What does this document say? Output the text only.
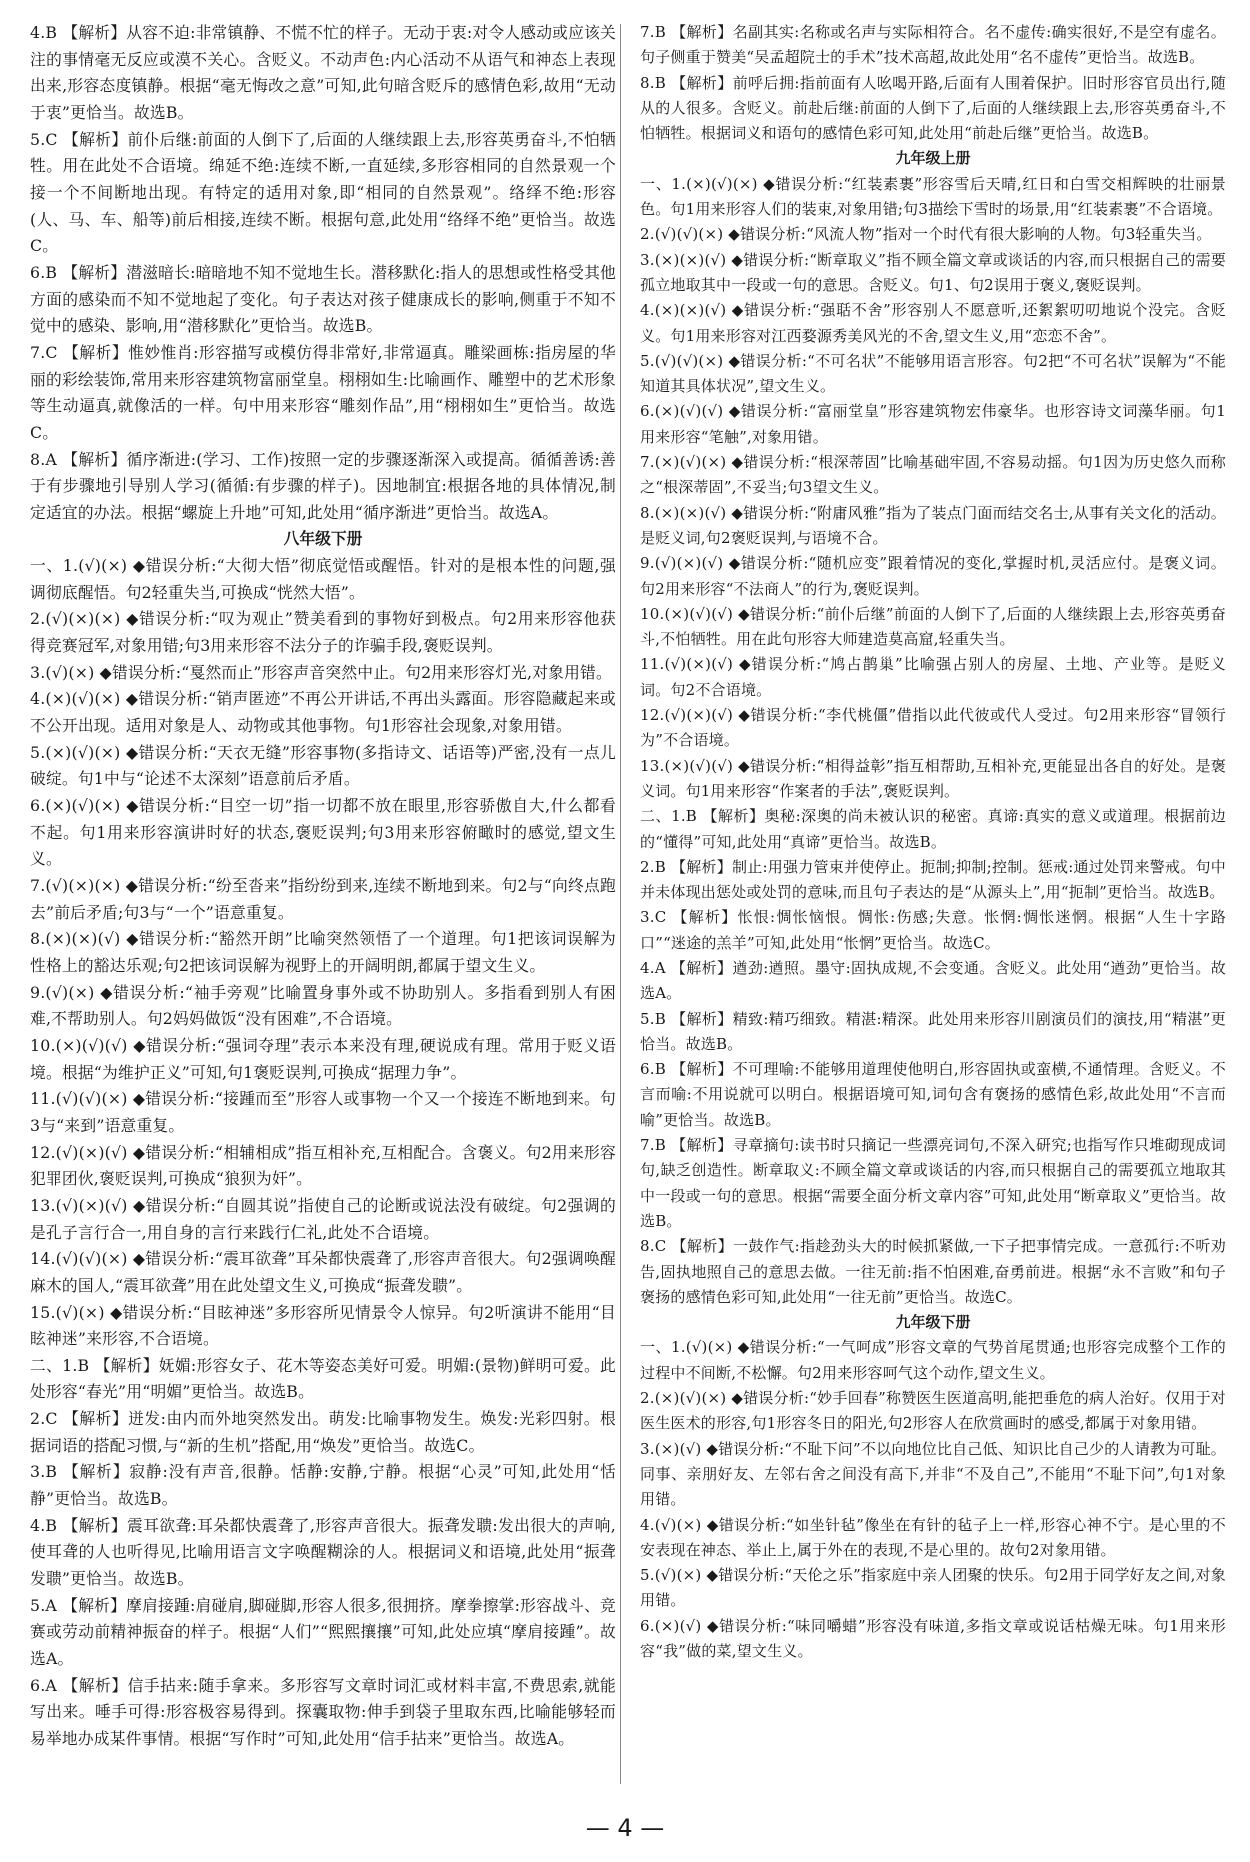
4.B 【解析】从容不迫:非常镇静、不慌不忙的样子。无动于衷:对令人感动或应该关注的事情毫无反应或漠不关心。含贬义。不动声色:内心活动不从语气和神态上表现出来,形容态度镇静。根据“毫无悔改之意”可知,此句暗含贬斥的感情色彩,故用“无动于衷”更恰当。故选B。

5.C 【解析】前仆后继:前面的人倒下了,后面的人继续跟上去,形容英勇奋斗,不怕牺牲。用在此处不合语境。绵延不绝:连续不断,一直延续,多形容相同的自然景观一个接一个不间断地出现。有特定的适用对象,即“相同的自然景观”。络绎不绝:形容(人、马、车、船等)前后相接,连续不断。根据句意,此处用“络绎不绝”更恰当。故选C。

6.B 【解析】潜滋暗长:暗暗地不知不觉地生长。潜移默化:指人的思想或性格受其他方面的感染而不知不觉地起了变化。句子表达对孩子健康成长的影响,侧重于不知不觉中的感染、影响,用“潜移默化”更恰当。故选B。

7.C 【解析】惟妙惟肖:形容描写或模仿得非常好,非常逼真。雕梁画栋:指房屋的华丽的彩绘装饰,常用来形容建筑物富丽堂皇。栩栩如生:比喻画作、雕塑中的艺术形象等生动逼真,就像活的一样。句中用来形容“雕刻作品”,用“栩栩如生”更恰当。故选C。

8.A 【解析】循序渐进:(学习、工作)按照一定的步骤逐渐深入或提高。循循善诱:善于有步骤地引导别人学习(循循:有步骤的样子)。因地制宜:根据各地的具体情况,制定适宜的办法。根据“螺旋上升地”可知,此处用“循序渐进”更恰当。故选A。

八年级下册

一、1.(√)(×) ◆错误分析:“大彻大悟”彻底觉悟或醒悟。针对的是根本性的问题,强调彻底醒悟。句2轻重失当,可换成“恍然大悟”。

2.(√)(×)(×) ◆错误分析:“叹为观止”赞美看到的事物好到极点。句2用来形容他获得竞赛冠军,对象用错;句3用来形容不法分子的诈骗手段,褒贬误判。

3.(√)(×) ◆错误分析:“戛然而止”形容声音突然中止。句2用来形容灯光,对象用错。

4.(×)(√)(×) ◆错误分析:“销声匿迹”不再公开讲话,不再出头露面。形容隐藏起来或不公开出现。适用对象是人、动物或其他事物。句1形容社会现象,对象用错。

5.(×)(√)(×) ◆错误分析:“天衣无缝”形容事物(多指诗文、话语等)严密,没有一点儿破绽。句1中与“论述不太深刻”语意前后矛盾。

6.(×)(√)(×) ◆错误分析:“目空一切”指一切都不放在眼里,形容骄傲自大,什么都看不起。句1用来形容演讲时好的状态,褒贬误判;句3用来形容俯瞰时的感觉,望文生义。

7.(√)(×)(×) ◆错误分析:“纷至沓来”指纷纷到来,连续不断地到来。句2与“向终点跑去”前后矛盾;句3与“一个”语意重复。

8.(×)(×)(√) ◆错误分析:“豁然开朗”比喻突然领悟了一个道理。句1把该词误解为性格上的豁达乐观;句2把该词误解为视野上的开阔明朗,都属于望文生义。

9.(√)(×) ◆错误分析:“袖手旁观”比喻置身事外或不协助别人。多指看到别人有困难,不帮助别人。句2妈妈做饭“没有困难”,不合语境。

10.(×)(√)(√) ◆错误分析:“强词夺理”表示本来没有理,硬说成有理。常用于贬义语境。根据“为维护正义”可知,句1褒贬误判,可换成“据理力争”。

11.(√)(√)(×) ◆错误分析:“接踵而至”形容人或事物一个又一个接连不断地到来。句3与“来到”语意重复。

12.(√)(×)(√) ◆错误分析:“相辅相成”指互相补充,互相配合。含褒义。句2用来形容犯罪团伙,褒贬误判,可换成“狼狈为奸”。

13.(√)(×)(√) ◆错误分析:“自圆其说”指使自己的论断或说法没有破绽。句2强调的是孔子言行合一,用自身的言行来践行仁礼,此处不合语境。

14.(√)(√)(×) ◆错误分析:“震耳欲聋”耳朵都快震聋了,形容声音很大。句2强调唤醒麻木的国人,“震耳欲聋”用在此处望文生义,可换成“振聋发聩”。

15.(√)(×) ◆错误分析:“目眩神迷”多形容所见情景令人惊异。句2听演讲不能用“目眩神迷”来形容,不合语境。

二、1.B 【解析】妩媚:形容女子、花木等姿态美好可爱。明媚:(景物)鲜明可爱。此处形容“春光”用“明媚”更恰当。故选B。

2.C 【解析】迸发:由内而外地突然发出。萌发:比喻事物发生。焕发:光彩四射。根据词语的搭配习惯,与“新的生机”搭配,用“焕发”更恰当。故选C。

3.B 【解析】寂静:没有声音,很静。恬静:安静,宁静。根据“心灵”可知,此处用“恬静”更恰当。故选B。

4.B 【解析】震耳欲聋:耳朵都快震聋了,形容声音很大。振聋发聩:发出很大的声响,使耳聋的人也听得见,比喻用语言文字唤醒糊涂的人。根据词义和语境,此处用“振聋发聩”更恰当。故选B。

5.A 【解析】摩肩接踵:肩碰肩,脚碰脚,形容人很多,很拥挤。摩拳擦掌:形容战斗、竞赛或劳动前精神振奋的样子。根据“人们”“熙熙攘攘”可知,此处应填“摩肩接踵”。故选A。

6.A 【解析】信手拈来:随手拿来。多形容写文章时词汇或材料丰富,不费思索,就能写出来。唾手可得:形容极容易得到。探囊取物:伸手到袋子里取东西,比喻能够轻而易举地办成某件事情。根据“写作时”可知,此处用“信手拈来”更恰当。故选A。

7.B 【解析】名副其实:名称或名声与实际相符合。名不虚传:确实很好,不是空有虚名。句子侧重于赞美“吴孟超院士的手术”技术高超,故此处用“名不虚传”更恰当。故选B。

8.B 【解析】前呼后拥:指前面有人吆喝开路,后面有人围着保护。旧时形容官员出行,随从的人很多。含贬义。前赴后继:前面的人倒下了,后面的人继续跟上去,形容英勇奋斗,不怕牺牲。根据词义和语句的感情色彩可知,此处用“前赴后继”更恰当。故选B。

九年级上册

一、1.(×)(√)(×) ◆错误分析:“红装素裹”形容雪后天晴,红日和白雪交相辉映的壮丽景色。句1用来形容人们的装束,对象用错;句3描绘下雪时的场景,用“红装素裹”不合语境。

2.(√)(√)(×) ◆错误分析:“风流人物”指对一个时代有很大影响的人物。句3轻重失当。

3.(×)(×)(√) ◆错误分析:“断章取义”指不顾全篇文章或谈话的内容,而只根据自己的需要孤立地取其中一段或一句的意思。含贬义。句1、句2误用于褒义,褒贬误判。

4.(×)(×)(√) ◆错误分析:“强聒不舍”形容别人不愿意听,还絮絮叨叨地说个没完。含贬义。句1用来形容对江西婺源秀美风光的不舍,望文生义,用“恋恋不舍”。

5.(√)(√)(×) ◆错误分析:“不可名状”不能够用语言形容。句2把“不可名状”误解为“不能知道其具体状况”,望文生义。

6.(×)(√)(√) ◆错误分析:“富丽堂皇”形容建筑物宏伟豪华。也形容诗文词藻华丽。句1用来形容“笔触”,对象用错。

7.(×)(√)(×) ◆错误分析:“根深蒂固”比喻基础牢固,不容易动摇。句1因为历史悠久而称之“根深蒂固”,不妥当;句3望文生义。

8.(×)(×)(√) ◆错误分析:“附庸风雅”指为了装点门面而结交名士,从事有关文化的活动。是贬义词,句2褒贬误判,与语境不合。

9.(√)(×)(√) ◆错误分析:“随机应变”跟着情况的变化,掌握时机,灵活应付。是褒义词。句2用来形容“不法商人”的行为,褒贬误判。

10.(×)(√)(√) ◆错误分析:“前仆后继”前面的人倒下了,后面的人继续跟上去,形容英勇奋斗,不怕牺牲。用在此句形容大师建造莫高窟,轻重失当。

11.(√)(×)(√) ◆错误分析:“鸠占鹊巢”比喻强占别人的房屋、土地、产业等。是贬义词。句2不合语境。

12.(√)(×)(√) ◆错误分析:“李代桃僵”借指以此代彼或代人受过。句2用来形容“冒领行为”不合语境。

13.(×)(√)(√) ◆错误分析:“相得益彰”指互相帮助,互相补充,更能显出各自的好处。是褒义词。句1用来形容“作案者的手法”,褒贬误判。

二、1.B 【解析】奥秘:深奥的尚未被认识的秘密。真谛:真实的意义或道理。根据前边的“懂得”可知,此处用“真谛”更恰当。故选B。

2.B 【解析】制止:用强力管束并使停止。扼制;抑制;控制。惩戒:通过处罚来警戒。句中并未体现出惩处或处罚的意味,而且句子表达的是“从源头上”,用“扼制”更恰当。故选B。

3.C 【解析】怅恨:惆怅恼恨。惆怅:伤感;失意。怅惘:惆怅迷惘。根据“人生十字路口”“迷途的羔羊”可知,此处用“怅惘”更恰当。故选C。

4.A 【解析】遒劲:遒照。墨守:固执成规,不会变通。含贬义。此处用“遒劲”更恰当。故选A。

5.B 【解析】精致:精巧细致。精湛:精深。此处用来形容川剧演员们的演技,用“精湛”更恰当。故选B。

6.B 【解析】不可理喻:不能够用道理使他明白,形容固执或蛮横,不通情理。含贬义。不言而喻:不用说就可以明白。根据语境可知,词句含有褒扬的感情色彩,故此处用“不言而喻”更恰当。故选B。

7.B 【解析】寻章摘句:读书时只摘记一些漂亮词句,不深入研究;也指写作只堆砌现成词句,缺乏创造性。断章取义:不顾全篇文章或谈话的内容,而只根据自己的需要孤立地取其中一段或一句的意思。根据“需要全面分析文章内容”可知,此处用“断章取义”更恰当。故选B。

8.C 【解析】一鼓作气:指趁劲头大的时候抓紧做,一下子把事情完成。一意孤行:不听劝告,固执地照自己的意思去做。一往无前:指不怕困难,奋勇前进。根据“永不言败”和句子褒扬的感情色彩可知,此处用“一往无前”更恰当。故选C。

九年级下册

一、1.(√)(×) ◆错误分析:“一气呵成”形容文章的气势首尾贯通;也形容完成整个工作的过程中不间断,不松懈。句2用来形容呵气这个动作,望文生义。

2.(×)(√)(×) ◆错误分析:“妙手回春”称赞医生医道高明,能把垂危的病人治好。仅用于对医生医术的形容,句1形容冬日的阳光,句2形容人在欣赏画时的感受,都属于对象用错。

3.(×)(√) ◆错误分析:“不耻下问”不以向地位比自己低、知识比自己少的人请教为可耻。同事、亲朋好友、左邻右舍之间没有高下,并非“不及自己”,不能用“不耻下问”,句1对象用错。

4.(√)(×) ◆错误分析:“如坐针毡”像坐在有针的毡子上一样,形容心神不宁。是心里的不安表现在神态、举止上,属于外在的表现,不是心里的。故句2对象用错。

5.(√)(×) ◆错误分析:“天伦之乐”指家庭中亲人团聚的快乐。句2用于同学好友之间,对象用错。

6.(×)(√) ◆错误分析:“味同嚼蜡”形容没有味道,多指文章或说话枯燥无味。句1用来形容“我”做的菜,望文生义。

— 4 —
